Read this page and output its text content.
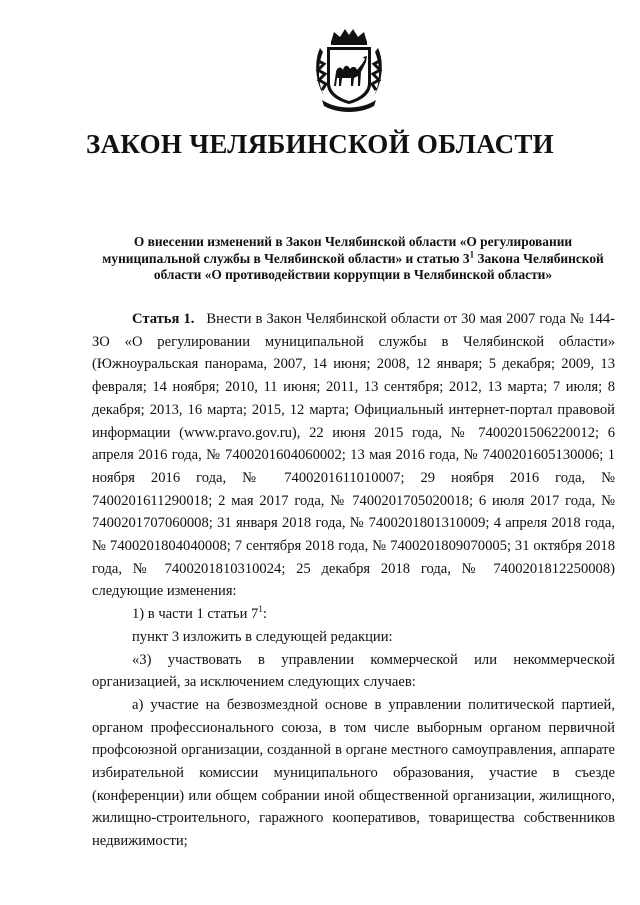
ЗАКОН ЧЕЛЯБИНСКОЙ ОБЛАСТИ

О внесении изменений в Закон Челябинской области «О регулировании муниципальной службы в Челябинской области» и статью $3^1$ Закона Челябинской области «О противодействии коррупции в Челябинской области»

Статья 1. Внести в Закон Челябинской области от 30 мая 2007 года № 144-ЗО «О регулировании муниципальной службы в Челябинской области» (Южноуральская панорама, 2007, 14 июня; 2008, 12 января; 5 декабря; 2009, 13 февраля; 14 ноября; 2010, 11 июня; 2011, 13 сентября; 2012, 13 марта; 7 июля; 8 декабря; 2013, 16 марта; 2015, 12 марта; Официальный интернет-портал правовой информации (www.pravo.gov.ru), 22 июня 2015 года, № 7400201506220012; 6 апреля 2016 года, № 7400201604060002; 13 мая 2016 года, № 7400201605130006; 1 ноября 2016 года, № 7400201611010007; 29 ноября 2016 года, № 7400201611290018; 2 мая 2017 года, № 7400201705020018; 6 июля 2017 года, № 7400201707060008; 31 января 2018 года, № 7400201801310009; 4 апреля 2018 года, № 7400201804040008; 7 сентября 2018 года, № 7400201809070005; 31 октября 2018 года, № 7400201810310024; 25 декабря 2018 года, № 7400201812250008) следующие изменения:

1) в части 1 статьи $7^1$:

пункт 3 изложить в следующей редакции:

«3) участвовать в управлении коммерческой или некоммерческой организацией, за исключением следующих случаев:

а) участие на безвозмездной основе в управлении политической партией, органом профессионального союза, в том числе выборным органом первичной профсоюзной организации, созданной в органе местного самоуправления, аппарате избирательной комиссии муниципального образования, участие в съезде (конференции) или общем собрании иной общественной организации, жилищного, жилищно-строительного, гаражного кооперативов, товарищества собственников недвижимости;
